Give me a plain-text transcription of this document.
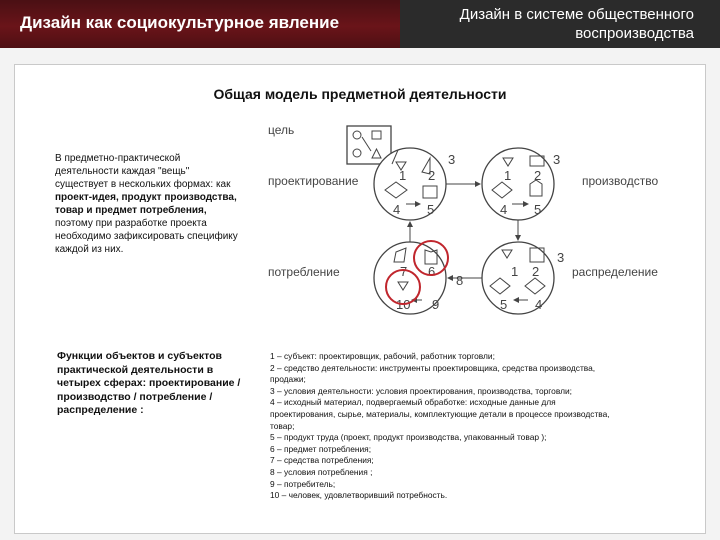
Дизайн как социокультурное явление	Дизайн в системе общественного
воспроизводства
Общая модель предметной деятельности
В предметно-практической деятельности каждая "вещь" существует в нескольких формах: как проект-идея, продукт производства, товар и предмет потребления, поэтому при разработке проекта необходимо зафиксировать специфику каждой из них.
Функции объектов и субъектов практической деятельности в четырех сферах: проектирование / производство / потребление / распределение :
цель
проектирование	производство
потребление	распределение
1 2
3
4 5
1 2
3
4 5
7 6
8
9
10
1 2
3
4
5
1 – субъект: проектировщик, рабочий, работник торговли;
2 – средство деятельности: инструменты проектировщика, средства производства,
продажи;
3 – условия деятельности: условия проектирования, производства, торговли;
4 – исходный материал, подвергаемый обработке: исходные данные для
проектирования, сырье, материалы, комплектующие детали в процессе производства,
товар;
5 – продукт труда (проект, продукт производства, упакованный товар );
6 – предмет потребления;
7 – средства потребления;
8 – условия потребления ;
9 – потребитель;
10 – человек, удовлетворивший потребность.
